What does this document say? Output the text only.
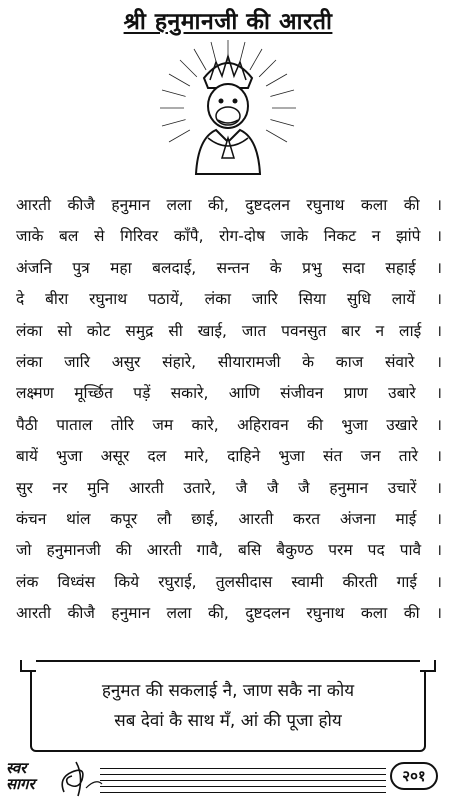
श्री हनुमानजी की आरती
आरती कीजै हनुमान लला की, दुष्टदलन रघुनाथ कला की ।
जाके बल से गिरिवर काँपै, रोग-दोष जाके निकट न झांपे ।
अंजनि पुत्र महा बलदाई, सन्तन के प्रभु सदा सहाई ।
दे बीरा रघुनाथ पठायें, लंका जारि सिया सुधि लायें ।
लंका सो कोट समुद्र सी खाई, जात पवनसुत बार न लाई ।
लंका जारि असुर संहारे, सीयारामजी के काज संवारे ।
लक्ष्मण मूर्च्छित पड़ें सकारे, आणि संजीवन प्राण उबारे ।
पैठी पाताल तोरि जम कारे, अहिरावन की भुजा उखारे ।
बायें भुजा असूर दल मारे, दाहिने भुजा संत जन तारे ।
सुर नर मुनि आरती उतारे, जै जै जै हनुमान उचारें ।
कंचन थांल कपूर लौ छाई, आरती करत अंजना माई ।
जो हनुमानजी की आरती गावै, बसि बैकुण्ठ परम पद पावै ।
लंक विध्वंस किये रघुराई, तुलसीदास स्वामी कीरती गाई ।
आरती कीजै हनुमान लला की, दुष्टदलन रघुनाथ कला की ।
हनुमत की सकलाई नै, जाण सकै ना कोय
सब देवां कै साथ मँ, आं की पूजा होय
स्वर
सागर	२०१
